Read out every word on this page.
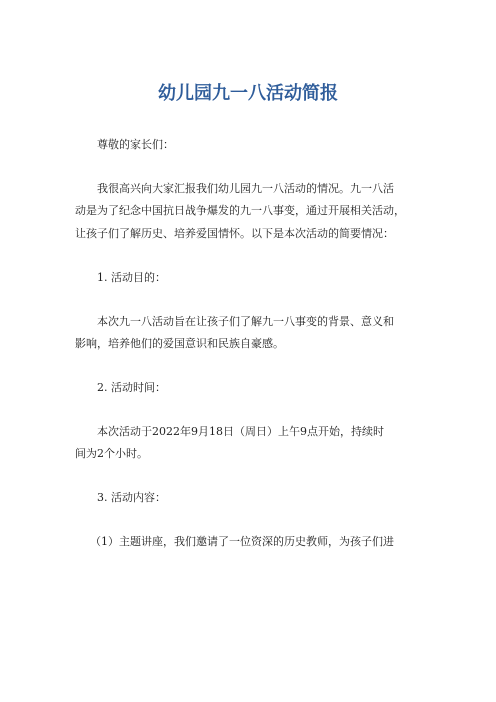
幼儿园九一八活动简报
尊敬的家长们：
我很高兴向大家汇报我们幼儿园九一八活动的情况。九一八活
动是为了纪念中国抗日战争爆发的九一八事变，通过开展相关活动，
让孩子们了解历史、培养爱国情怀。以下是本次活动的简要情况：
1. 活动目的：
本次九一八活动旨在让孩子们了解九一八事变的背景、意义和
影响，培养他们的爱国意识和民族自豪感。
2. 活动时间：
本次活动于2022年9月18日（周日）上午9点开始，持续时
间为2个小时。
3. 活动内容：
（1）主题讲座，我们邀请了一位资深的历史教师，为孩子们进
